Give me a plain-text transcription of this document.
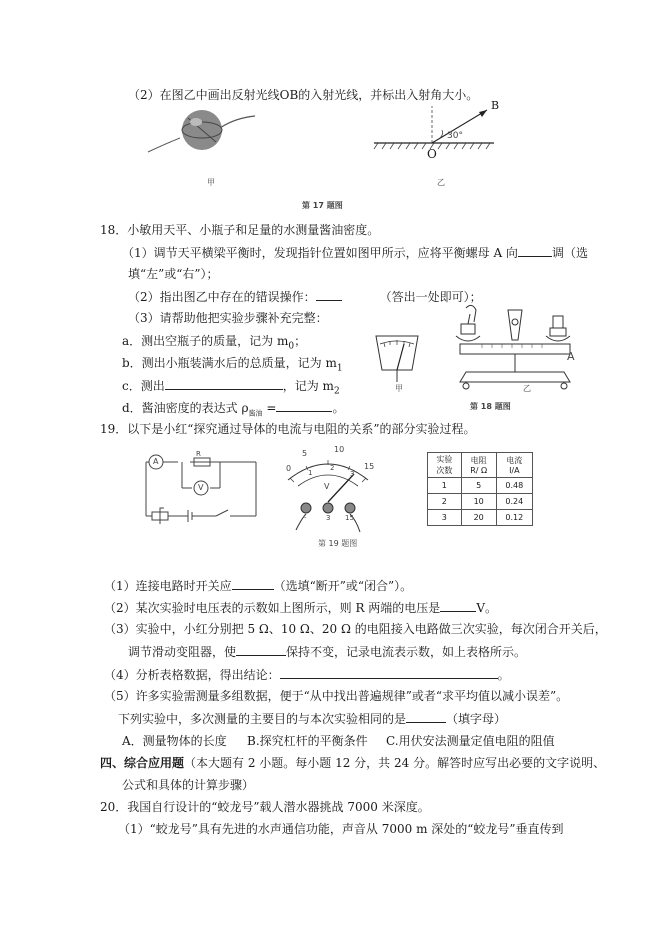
（2）在图乙中画出反射光线OB的入射光线，并标出入射角大小。
甲
30°
O
B
乙
第 17 题图
18．小敏用天平、小瓶子和足量的水测量酱油密度。
（1）调节天平横梁平衡时，发现指针位置如图甲所示，应将平衡螺母 A 向	调（选
填“左”或“右”）；
（2）指出图乙中存在的错误操作：	（答出一处即可）；
（3）请帮助他把实验步骤补充完整：
a．测出空瓶子的质量，记为 $m_0$；
b．测出小瓶装满水后的总质量，记为 $m_1$
c．测出	，记为 $m_2$
d．酱油密度的表达式 $\rho_{酱油}$ =	。
甲
A
乙
第 18 题图
19．以下是小红“探究通过导体的电流与电阻的关系”的部分实验过程。
A
V
R
0
5	10
15
1
2
3
V
-	3 15
实验
次数	电阻
R/ Ω	电流
I/A
1	5	0.48
2	10	0.24
3	20	0.12
第 19 题图
（1）连接电路时开关应	（选填“断开”或“闭合”）。
（2）某次实验时电压表的示数如上图所示，则 R 两端的电压是	V。
（3）实验中，小红分别把 5 Ω、10 Ω、20 Ω 的电阻接入电路做三次实验，每次闭合开关后，
调节滑动变阻器，使	保持不变，记录电流表示数，如上表格所示。
（4）分析表格数据，得出结论：	。
（5）许多实验需测量多组数据，便于“从中找出普遍规律”或者“求平均值以减小误差”。
下列实验中，多次测量的主要目的与本次实验相同的是	（填字母）
A．测量物体的长度 B.探究杠杆的平衡条件 C.用伏安法测量定值电阻的阻值
四、综合应用题（本大题有 2 小题。每小题 12 分，共 24 分。解答时应写出必要的文字说明、
公式和具体的计算步骤）
20．我国自行设计的“蛟龙号”载人潜水器挑战 7000 米深度。
（1）“蛟龙号”具有先进的水声通信功能，声音从 7000 m 深处的“蛟龙号”垂直传到
